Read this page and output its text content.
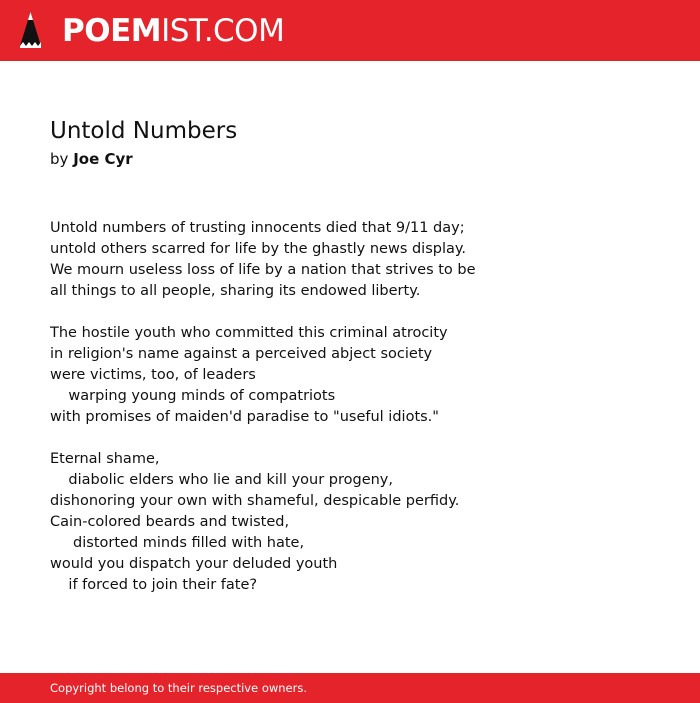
POEMIST.COM
Untold Numbers
by Joe Cyr
Untold numbers of trusting innocents died that 9/11 day;
untold others scarred for life by the ghastly news display.
We mourn useless loss of life by a nation that strives to be
all things to all people, sharing its endowed liberty.
The hostile youth who committed this criminal atrocity
in religion's name against a perceived abject society
were victims, too, of leaders
warping young minds of compatriots
with promises of maiden'd paradise to "useful idiots."
Eternal shame,
diabolic elders who lie and kill your progeny,
dishonoring your own with shameful, despicable perfidy.
Cain-colored beards and twisted,
distorted minds filled with hate,
would you dispatch your deluded youth
if forced to join their fate?
Copyright belong to their respective owners.
